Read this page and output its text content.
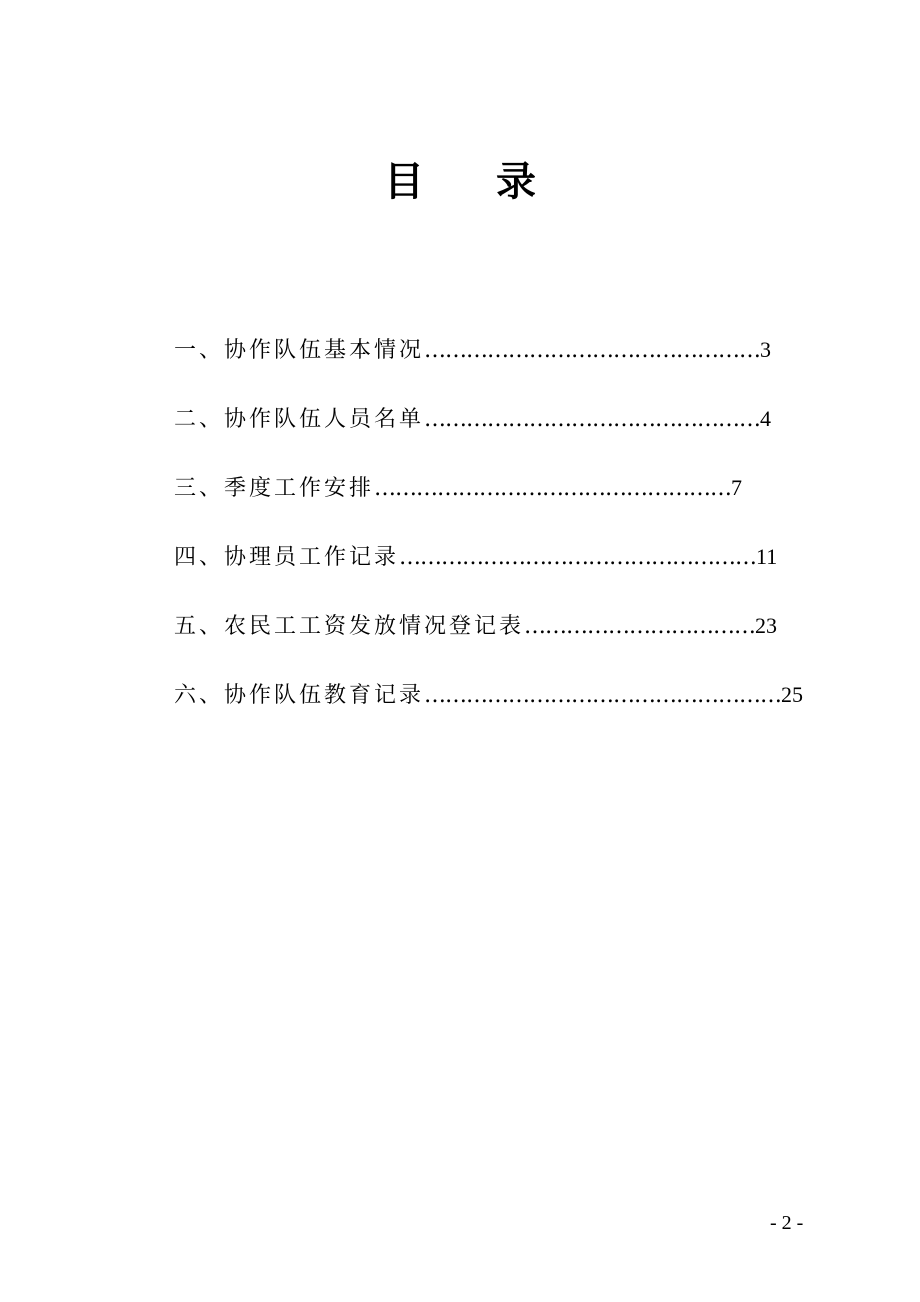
目 录
一、协作队伍基本情况…………………………………………3
二、协作队伍人员名单…………………………………………4
三、季度工作安排……………………………………………7
四、协理员工作记录……………………………………………11
五、农民工工资发放情况登记表……………………………23
六、协作队伍教育记录……………………………………………25
- 2 -
